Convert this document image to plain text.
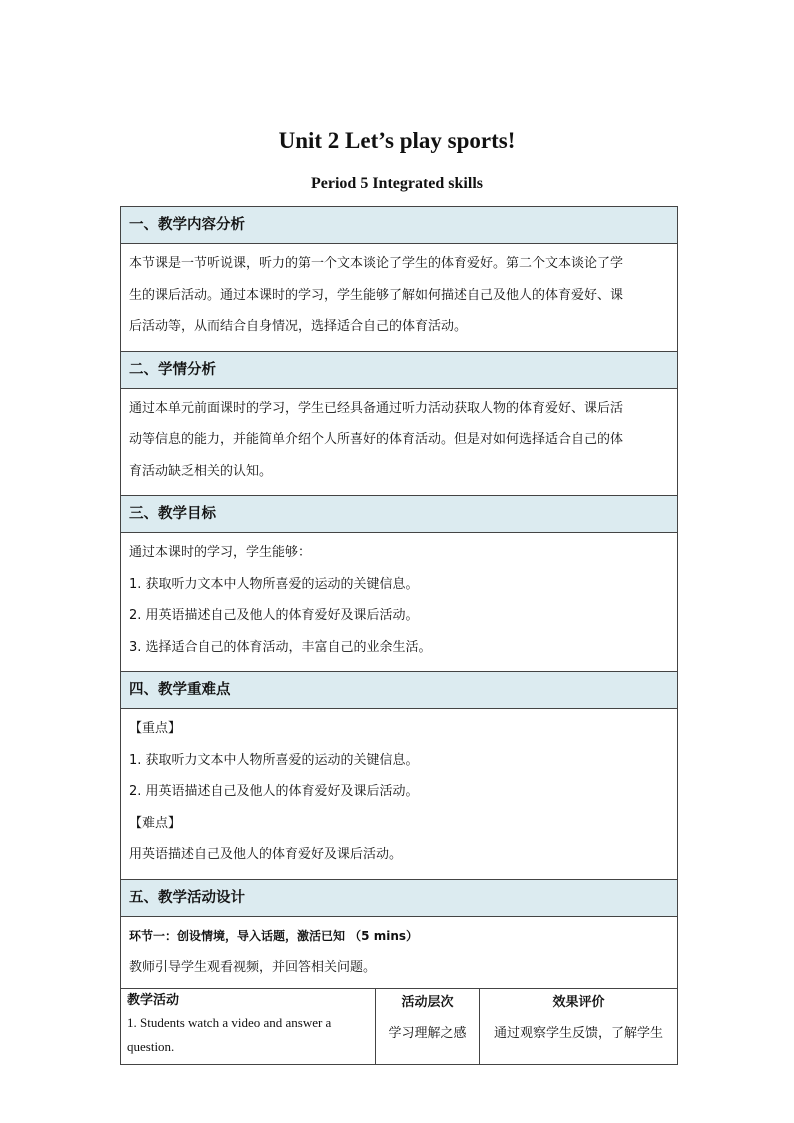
Unit 2 Let’s play sports!
Period 5 Integrated skills
一、教学内容分析
本节课是一节听说课，听力的第一个文本谈论了学生的体育爱好。第二个文本谈论了学
生的课后活动。通过本课时的学习，学生能够了解如何描述自己及他人的体育爱好、课
后活动等，从而结合自身情况，选择适合自己的体育活动。
二、学情分析
通过本单元前面课时的学习，学生已经具备通过听力活动获取人物的体育爱好、课后活
动等信息的能力，并能简单介绍个人所喜好的体育活动。但是对如何选择适合自己的体
育活动缺乏相关的认知。
三、教学目标
通过本课时的学习，学生能够：
1. 获取听力文本中人物所喜爱的运动的关键信息。
2. 用英语描述自己及他人的体育爱好及课后活动。
3. 选择适合自己的体育活动，丰富自己的业余生活。
四、教学重难点
【重点】
1. 获取听力文本中人物所喜爱的运动的关键信息。
2. 用英语描述自己及他人的体育爱好及课后活动。
【难点】
用英语描述自己及他人的体育爱好及课后活动。
五、教学活动设计
环节一：创设情境，导入话题，激活已知 （5 mins）
教师引导学生观看视频，并回答相关问题。
教学活动
1. Students watch a video and answer a question.
活动层次
学习理解之感
效果评价
通过观察学生反馈，了解学生
